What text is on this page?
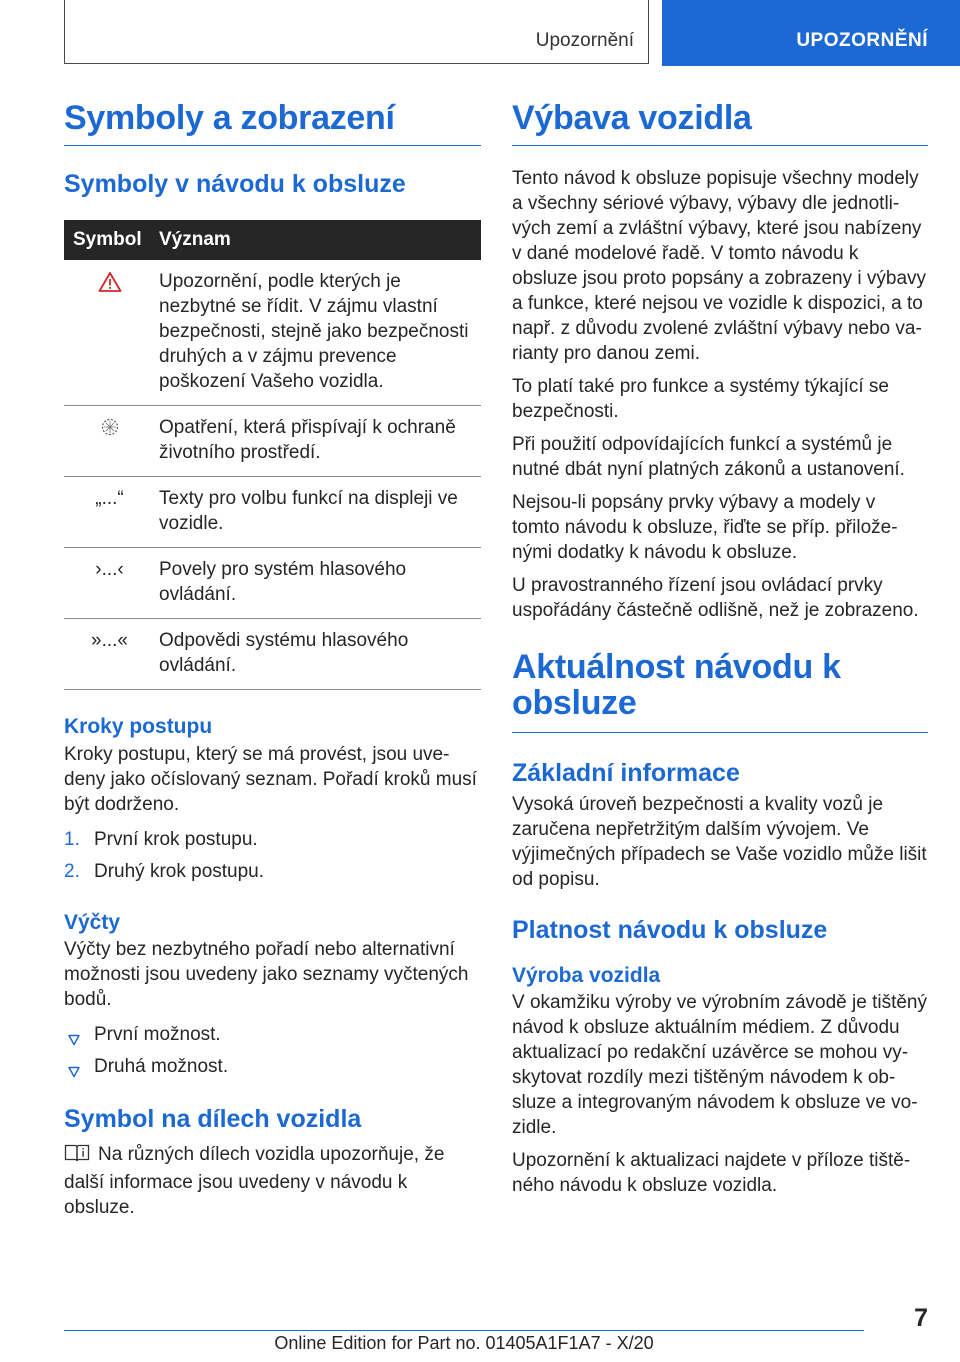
Upozornění	UPOZORNĚNÍ
Symboly a zobrazení
Symboly v návodu k obsluze
Symbol	Význam
	Upozornění, podle kterých je nezbytné se řídit. V zájmu vlastní bezpečnosti, stejně jako bezpečnosti druhých a v zájmu prevence poškození Vašeho vozidla.
	Opatření, která přispívají k ochraně životního prostředí.
„...“	Texty pro volbu funkcí na displeji ve vozidle.
›...‹	Povely pro systém hlasového ovládání.
»...«	Odpovědi systému hlasového ovládání.
Kroky postupu

Kroky postupu, který se má provést, jsou uvedeny jako očíslovaný seznam. Pořadí kroků musí být dodrženo.

1. První krok postupu.
2. Druhý krok postupu.
Výčty

Výčty bez nezbytného pořadí nebo alternativní možnosti jsou uvedeny jako seznamy vyčtených bodů.

První možnost.
Druhá možnost.
Symbol na dílech vozidla

Na různých dílech vozidla upozorňuje, že další informace jsou uvedeny v návodu k obsluze.

Výbava vozidla

Tento návod k obsluze popisuje všechny modely a všechny sériové výbavy, výbavy dle jednotlivých zemí a zvláštní výbavy, které jsou nabízeny v dané modelové řadě. V tomto návodu k obsluze jsou proto popsány a zobrazeny i výbavy a funkce, které nejsou ve vozidle k dispozici, a to např. z důvodu zvolené zvláštní výbavy nebo varianty pro danou zemi.

To platí také pro funkce a systémy týkající se bezpečnosti.

Při použití odpovídajících funkcí a systémů je nutné dbát nyní platných zákonů a ustanovení.

Nejsou-li popsány prvky výbavy a modely v tomto návodu k obsluze, řiďte se příp. přiloženými dodatky k návodu k obsluze.

U pravostranného řízení jsou ovládací prvky uspořádány částečně odlišně, než je zobrazeno.

Aktuálnost návodu k obsluze
Základní informace

Vysoká úroveň bezpečnosti a kvality vozů je zaručena nepřetržitým dalším vývojem. Ve výjimečných případech se Vaše vozidlo může lišit od popisu.

Platnost návodu k obsluze
Výroba vozidla

V okamžiku výroby ve výrobním závodě je tištěný návod k obsluze aktuálním médiem. Z důvodu aktualizací po redakční uzávěrce se mohou vyskytovat rozdíly mezi tištěným návodem k obsluze a integrovaným návodem k obsluze ve vozidle.

Upozornění k aktualizaci najdete v příloze tištěného návodu k obsluze vozidla.

7
Online Edition for Part no. 01405A1F1A7 - X/20
